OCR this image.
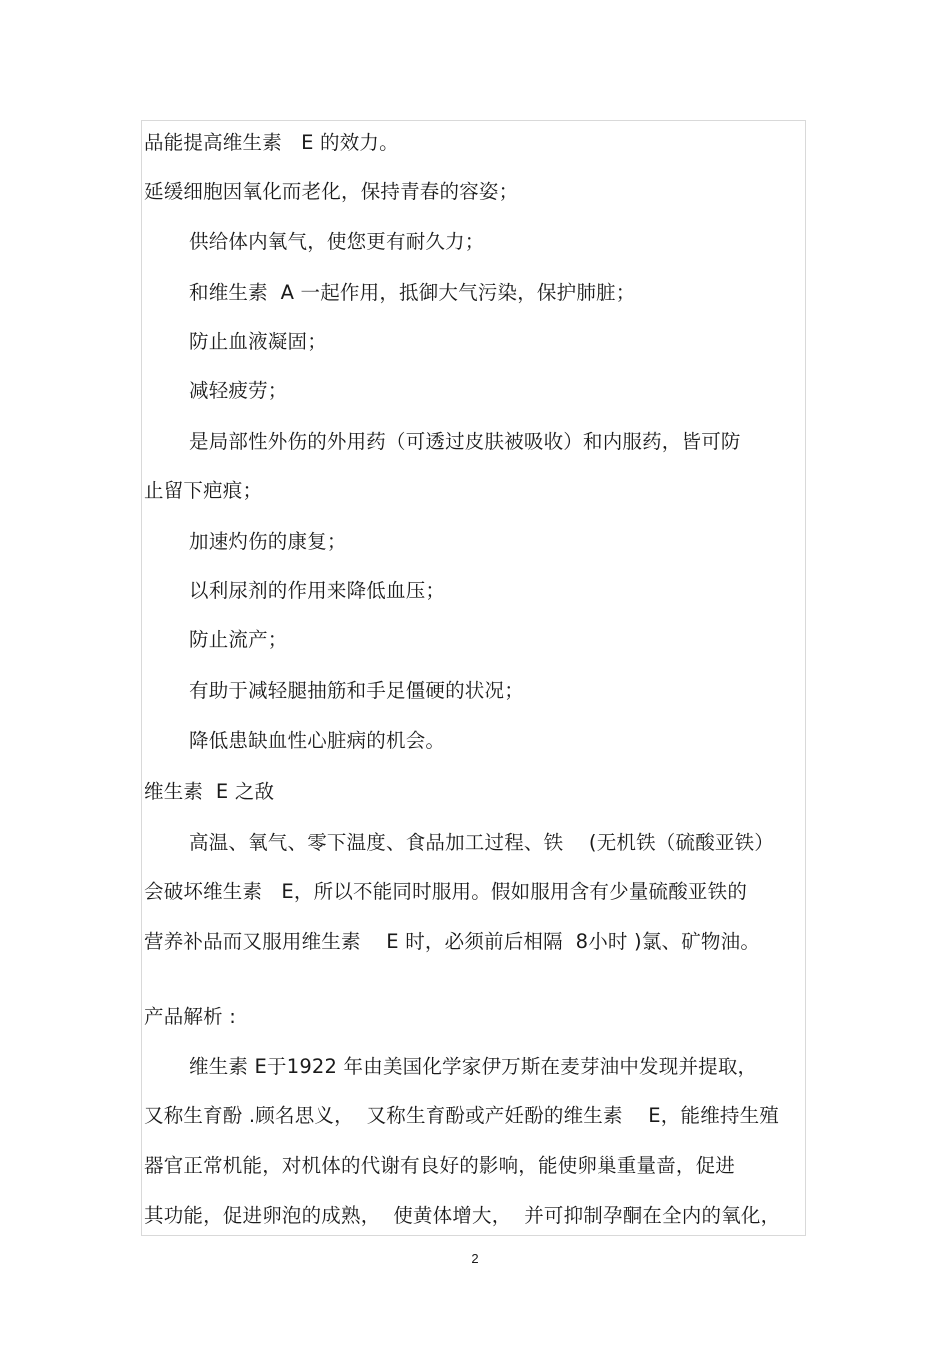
品能提高维生素   E 的效力。
延缓细胞因氧化而老化，保持青春的容姿；
供给体内氧气，使您更有耐久力；
和维生素  A 一起作用，抵御大气污染，保护肺脏；
防止血液凝固；
减轻疲劳；
是局部性外伤的外用药（可透过皮肤被吸收）和内服药，皆可防
止留下疤痕；
加速灼伤的康复；
以利尿剂的作用来降低血压；
防止流产；
有助于减轻腿抽筋和手足僵硬的状况；
降低患缺血性心脏病的机会。
维生素  E 之敌
高温、氧气、零下温度、食品加工过程、铁    (无机铁（硫酸亚铁）
会破坏维生素   E，所以不能同时服用。假如服用含有少量硫酸亚铁的
营养补品而又服用维生素    E 时，必须前后相隔  8小时 )氯、矿物油。
产品解析 :
维生素 E于1922 年由美国化学家伊万斯在麦芽油中发现并提取，
又称生育酚 .顾名思义，  又称生育酚或产妊酚的维生素    E，能维持生殖
器官正常机能，对机体的代谢有良好的影响，能使卵巢重量啬，促进
其功能，促进卵泡的成熟，  使黄体增大，  并可抑制孕酮在全内的氧化，
2
